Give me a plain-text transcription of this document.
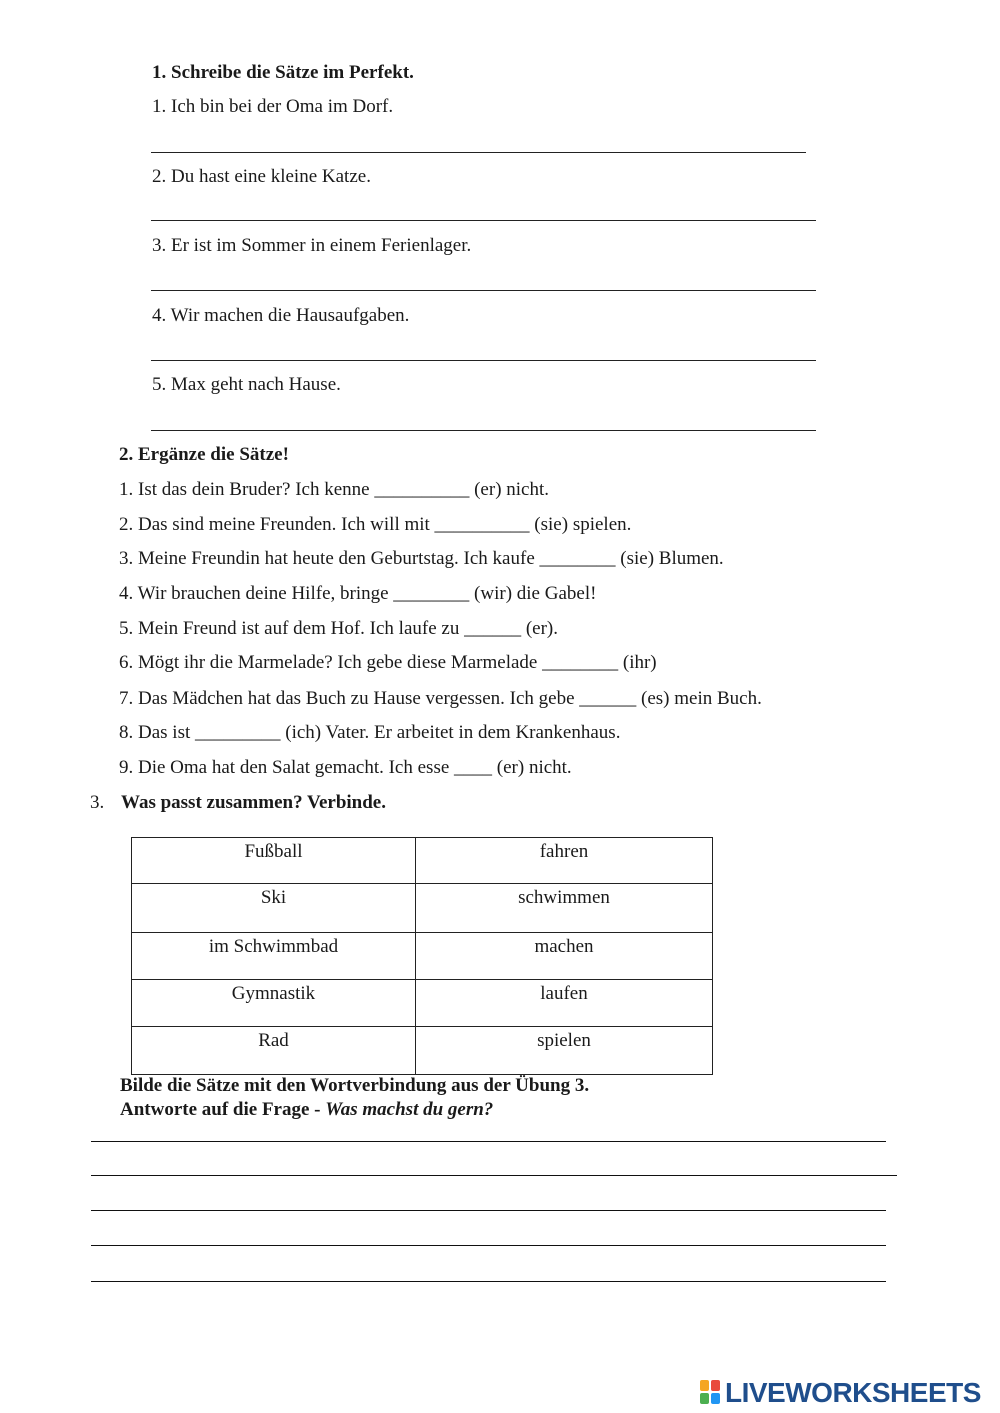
1. Schreibe die Sätze im Perfekt.
1. Ich bin bei der Oma im Dorf.
2. Du hast eine kleine Katze.
3. Er ist im Sommer in einem Ferienlager.
4. Wir machen die Hausaufgaben.
5. Max geht nach Hause.
2. Ergänze die Sätze!
1. Ist das dein Bruder? Ich kenne __________ (er) nicht.
2. Das sind meine Freunden. Ich will mit __________ (sie) spielen.
3. Meine Freundin hat heute den Geburtstag. Ich kaufe ________ (sie) Blumen.
4. Wir brauchen deine Hilfe, bringe ________ (wir) die Gabel!
5. Mein Freund ist auf dem Hof. Ich laufe zu ______ (er).
6. Mögt ihr die Marmelade? Ich gebe diese Marmelade ________ (ihr)
7. Das Mädchen hat das Buch zu Hause vergessen. Ich gebe ______ (es) mein Buch.
8. Das ist _________ (ich) Vater. Er arbeitet in dem Krankenhaus.
9. Die Oma hat den Salat gemacht. Ich esse ____ (er) nicht.
3. Was passt zusammen? Verbinde.
Fußball	fahren
Ski	schwimmen
im Schwimmbad	machen
Gymnastik	laufen
Rad	spielen
Bilde die Sätze mit den Wortverbindung aus der Übung 3.
Antworte auf die Frage - Was machst du gern?
LIVEWORKSHEETS
